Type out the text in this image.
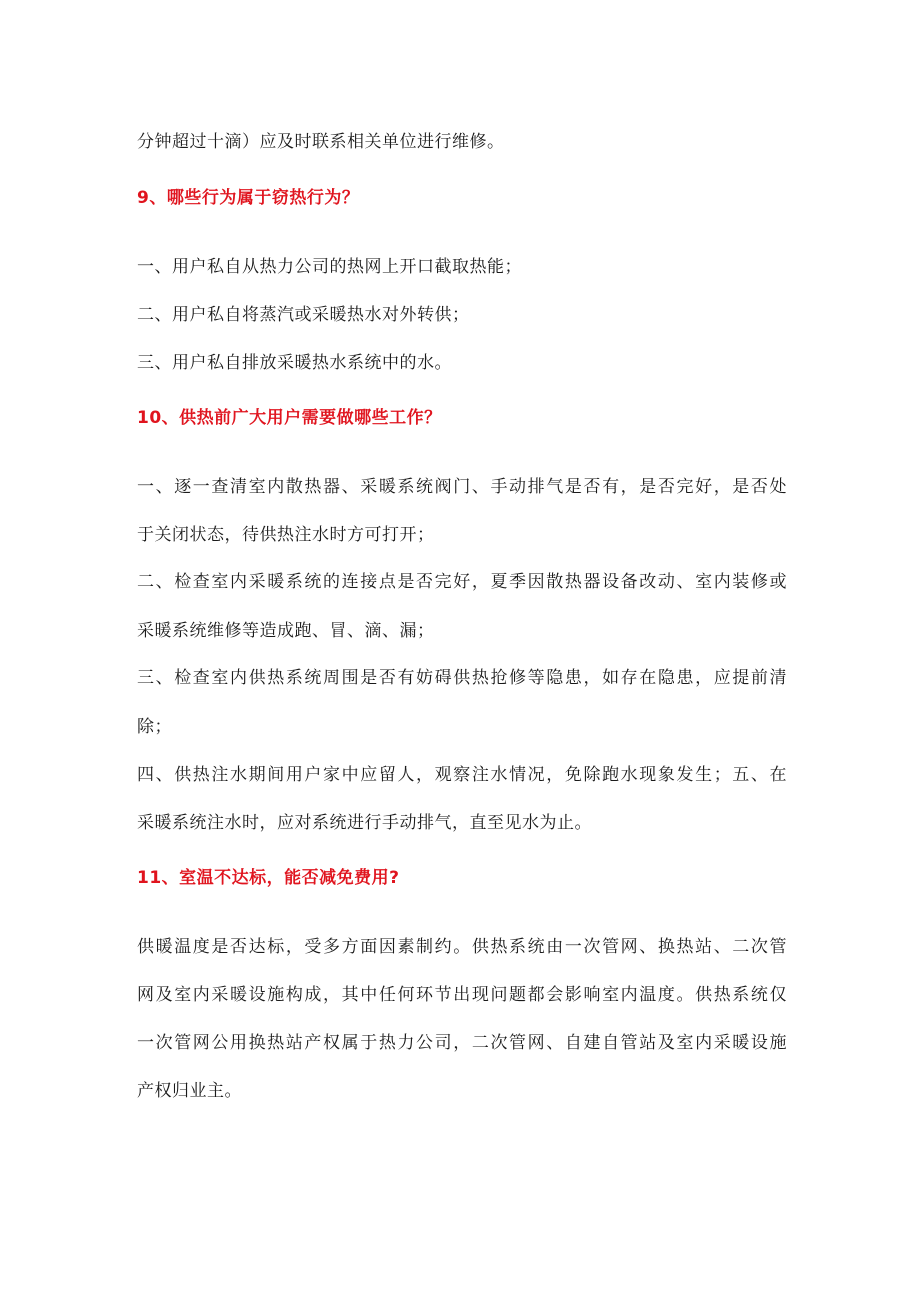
分钟超过十滴）应及时联系相关单位进行维修。
9、哪些行为属于窃热行为？
一、用户私自从热力公司的热网上开口截取热能；
二、用户私自将蒸汽或采暖热水对外转供；
三、用户私自排放采暖热水系统中的水。
10、供热前广大用户需要做哪些工作？
一、逐一查清室内散热器、采暖系统阀门、手动排气是否有，是否完好，是否处
于关闭状态，待供热注水时方可打开；
二、检查室内采暖系统的连接点是否完好，夏季因散热器设备改动、室内装修或
采暖系统维修等造成跑、冒、滴、漏；
三、检查室内供热系统周围是否有妨碍供热抢修等隐患，如存在隐患，应提前清
除；
四、供热注水期间用户家中应留人，观察注水情况，免除跑水现象发生；五、在
采暖系统注水时，应对系统进行手动排气，直至见水为止。
11、室温不达标，能否减免费用?
供暖温度是否达标，受多方面因素制约。供热系统由一次管网、换热站、二次管
网及室内采暖设施构成，其中任何环节出现问题都会影响室内温度。供热系统仅
一次管网公用换热站产权属于热力公司，二次管网、自建自管站及室内采暖设施
产权归业主。
